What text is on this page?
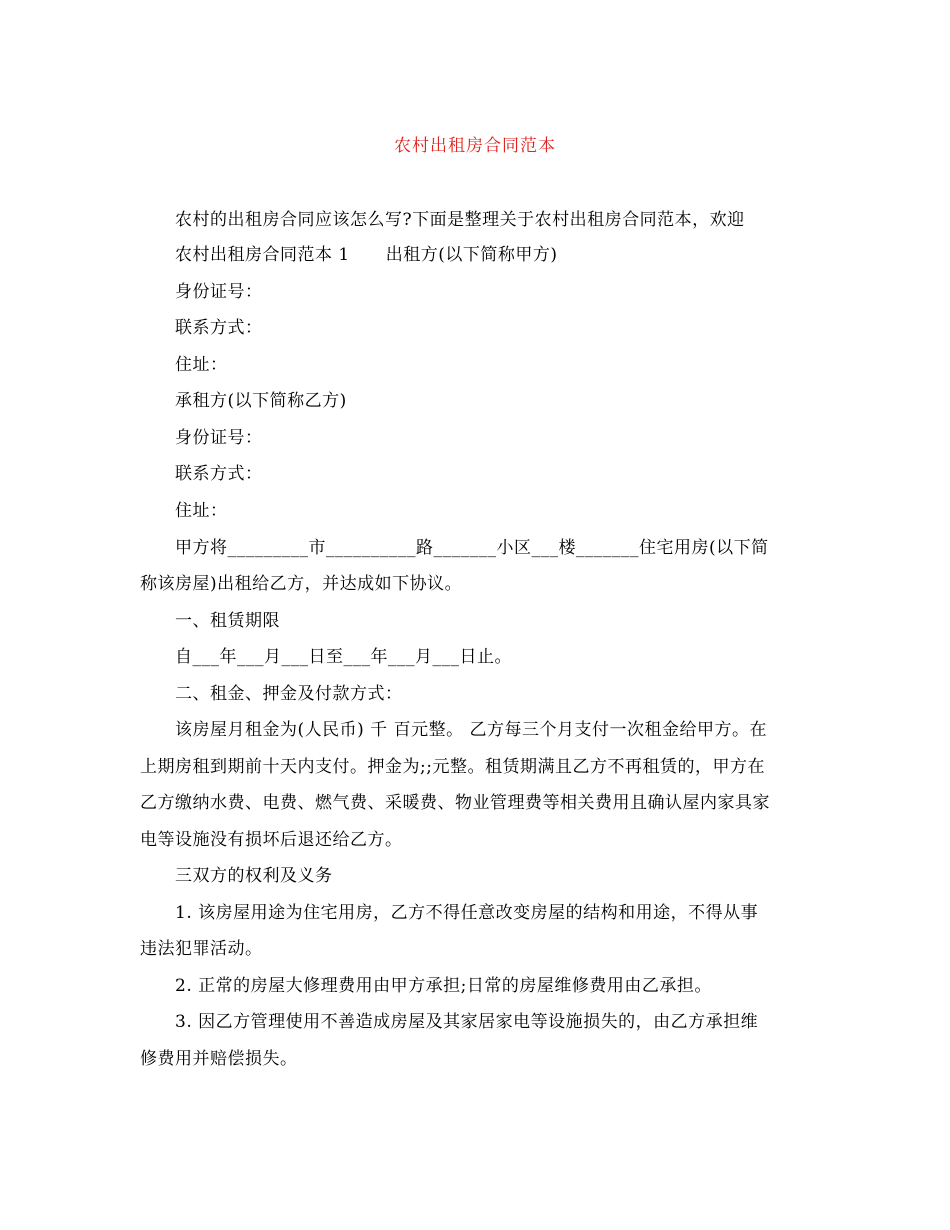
农村出租房合同范本
农村的出租房合同应该怎么写?下面是整理关于农村出租房合同范本，欢迎
农村出租房合同范本 1 出租方(以下简称甲方)
身份证号：
联系方式：
住址：
承租方(以下简称乙方)
身份证号：
联系方式：
住址：
甲方将_________市__________路_______小区___楼_______住宅用房(以下简
称该房屋)出租给乙方，并达成如下协议。
一、租赁期限
自___年___月___日至___年___月___日止。
二、租金、押金及付款方式：
该房屋月租金为(人民币) 千 百元整。 乙方每三个月支付一次租金给甲方。在
上期房租到期前十天内支付。押金为;;元整。租赁期满且乙方不再租赁的，甲方在
乙方缴纳水费、电费、燃气费、采暖费、物业管理费等相关费用且确认屋内家具家
电等设施没有损坏后退还给乙方。
三双方的权利及义务
1. 该房屋用途为住宅用房，乙方不得任意改变房屋的结构和用途，不得从事
违法犯罪活动。
2. 正常的房屋大修理费用由甲方承担;日常的房屋维修费用由乙承担。
3. 因乙方管理使用不善造成房屋及其家居家电等设施损失的，由乙方承担维
修费用并赔偿损失。
